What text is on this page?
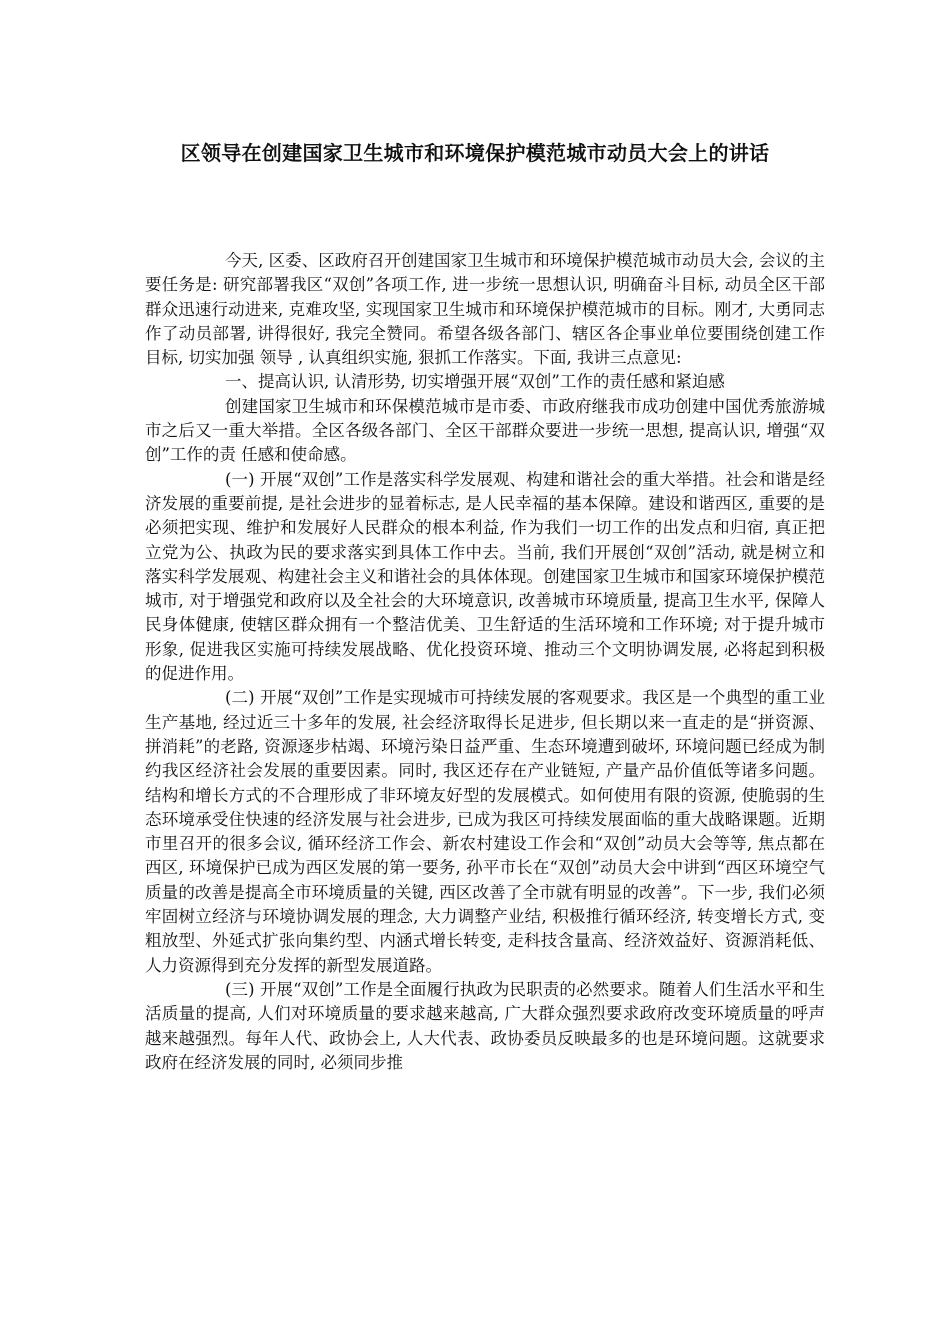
区领导在创建国家卫生城市和环境保护模范城市动员大会上的讲话

今天, 区委、区政府召开创建国家卫生城市和环境保护模范城市动员大会, 会议的主要任务是: 研究部署我区“双创”各项工作, 进一步统一思想认识, 明确奋斗目标, 动员全区干部群众迅速行动进来, 克难攻坚, 实现国家卫生城市和环境保护模范城市的目标。刚才, 大勇同志作了动员部署, 讲得很好, 我完全赞同。希望各级各部门、辖区各企事业单位要围绕创建工作目标, 切实加强 领导 , 认真组织实施, 狠抓工作落实。下面, 我讲三点意见:

一、提高认识, 认清形势, 切实增强开展“双创”工作的责任感和紧迫感

创建国家卫生城市和环保模范城市是市委、市政府继我市成功创建中国优秀旅游城市之后又一重大举措。全区各级各部门、全区干部群众要进一步统一思想, 提高认识, 增强“双创”工作的责 任感和使命感。

(一) 开展“双创”工作是落实科学发展观、构建和谐社会的重大举措。社会和谐是经济发展的重要前提, 是社会进步的显着标志, 是人民幸福的基本保障。建设和谐西区, 重要的是必须把实现、维护和发展好人民群众的根本利益, 作为我们一切工作的出发点和归宿, 真正把立党为公、执政为民的要求落实到具体工作中去。当前, 我们开展创“双创”活动, 就是树立和落实科学发展观、构建社会主义和谐社会的具体体现。创建国家卫生城市和国家环境保护模范城市, 对于增强党和政府以及全社会的大环境意识, 改善城市环境质量, 提高卫生水平, 保障人民身体健康, 使辖区群众拥有一个整洁优美、卫生舒适的生活环境和工作环境; 对于提升城市形象, 促进我区实施可持续发展战略、优化投资环境、推动三个文明协调发展, 必将起到积极的促进作用。

(二) 开展“双创”工作是实现城市可持续发展的客观要求。我区是一个典型的重工业生产基地, 经过近三十多年的发展, 社会经济取得长足进步, 但长期以来一直走的是“拼资源、拼消耗”的老路, 资源逐步枯竭、环境污染日益严重、生态环境遭到破坏, 环境问题已经成为制约我区经济社会发展的重要因素。同时, 我区还存在产业链短, 产量产品价值低等诸多问题。结构和增长方式的不合理形成了非环境友好型的发展模式。如何使用有限的资源, 使脆弱的生态环境承受住快速的经济发展与社会进步, 已成为我区可持续发展面临的重大战略课题。近期市里召开的很多会议, 循环经济工作会、新农村建设工作会和“双创”动员大会等等, 焦点都在西区, 环境保护已成为西区发展的第一要务, 孙平市长在“双创”动员大会中讲到“西区环境空气质量的改善是提高全市环境质量的关键, 西区改善了全市就有明显的改善”。下一步, 我们必须牢固树立经济与环境协调发展的理念, 大力调整产业结, 积极推行循环经济, 转变增长方式, 变粗放型、外延式扩张向集约型、内涵式增长转变, 走科技含量高、经济效益好、资源消耗低、人力资源得到充分发挥的新型发展道路。

(三) 开展“双创”工作是全面履行执政为民职责的必然要求。随着人们生活水平和生活质量的提高, 人们对环境质量的要求越来越高, 广大群众强烈要求政府改变环境质量的呼声越来越强烈。每年人代、政协会上, 人大代表、政协委员反映最多的也是环境问题。这就要求政府在经济发展的同时, 必须同步推
